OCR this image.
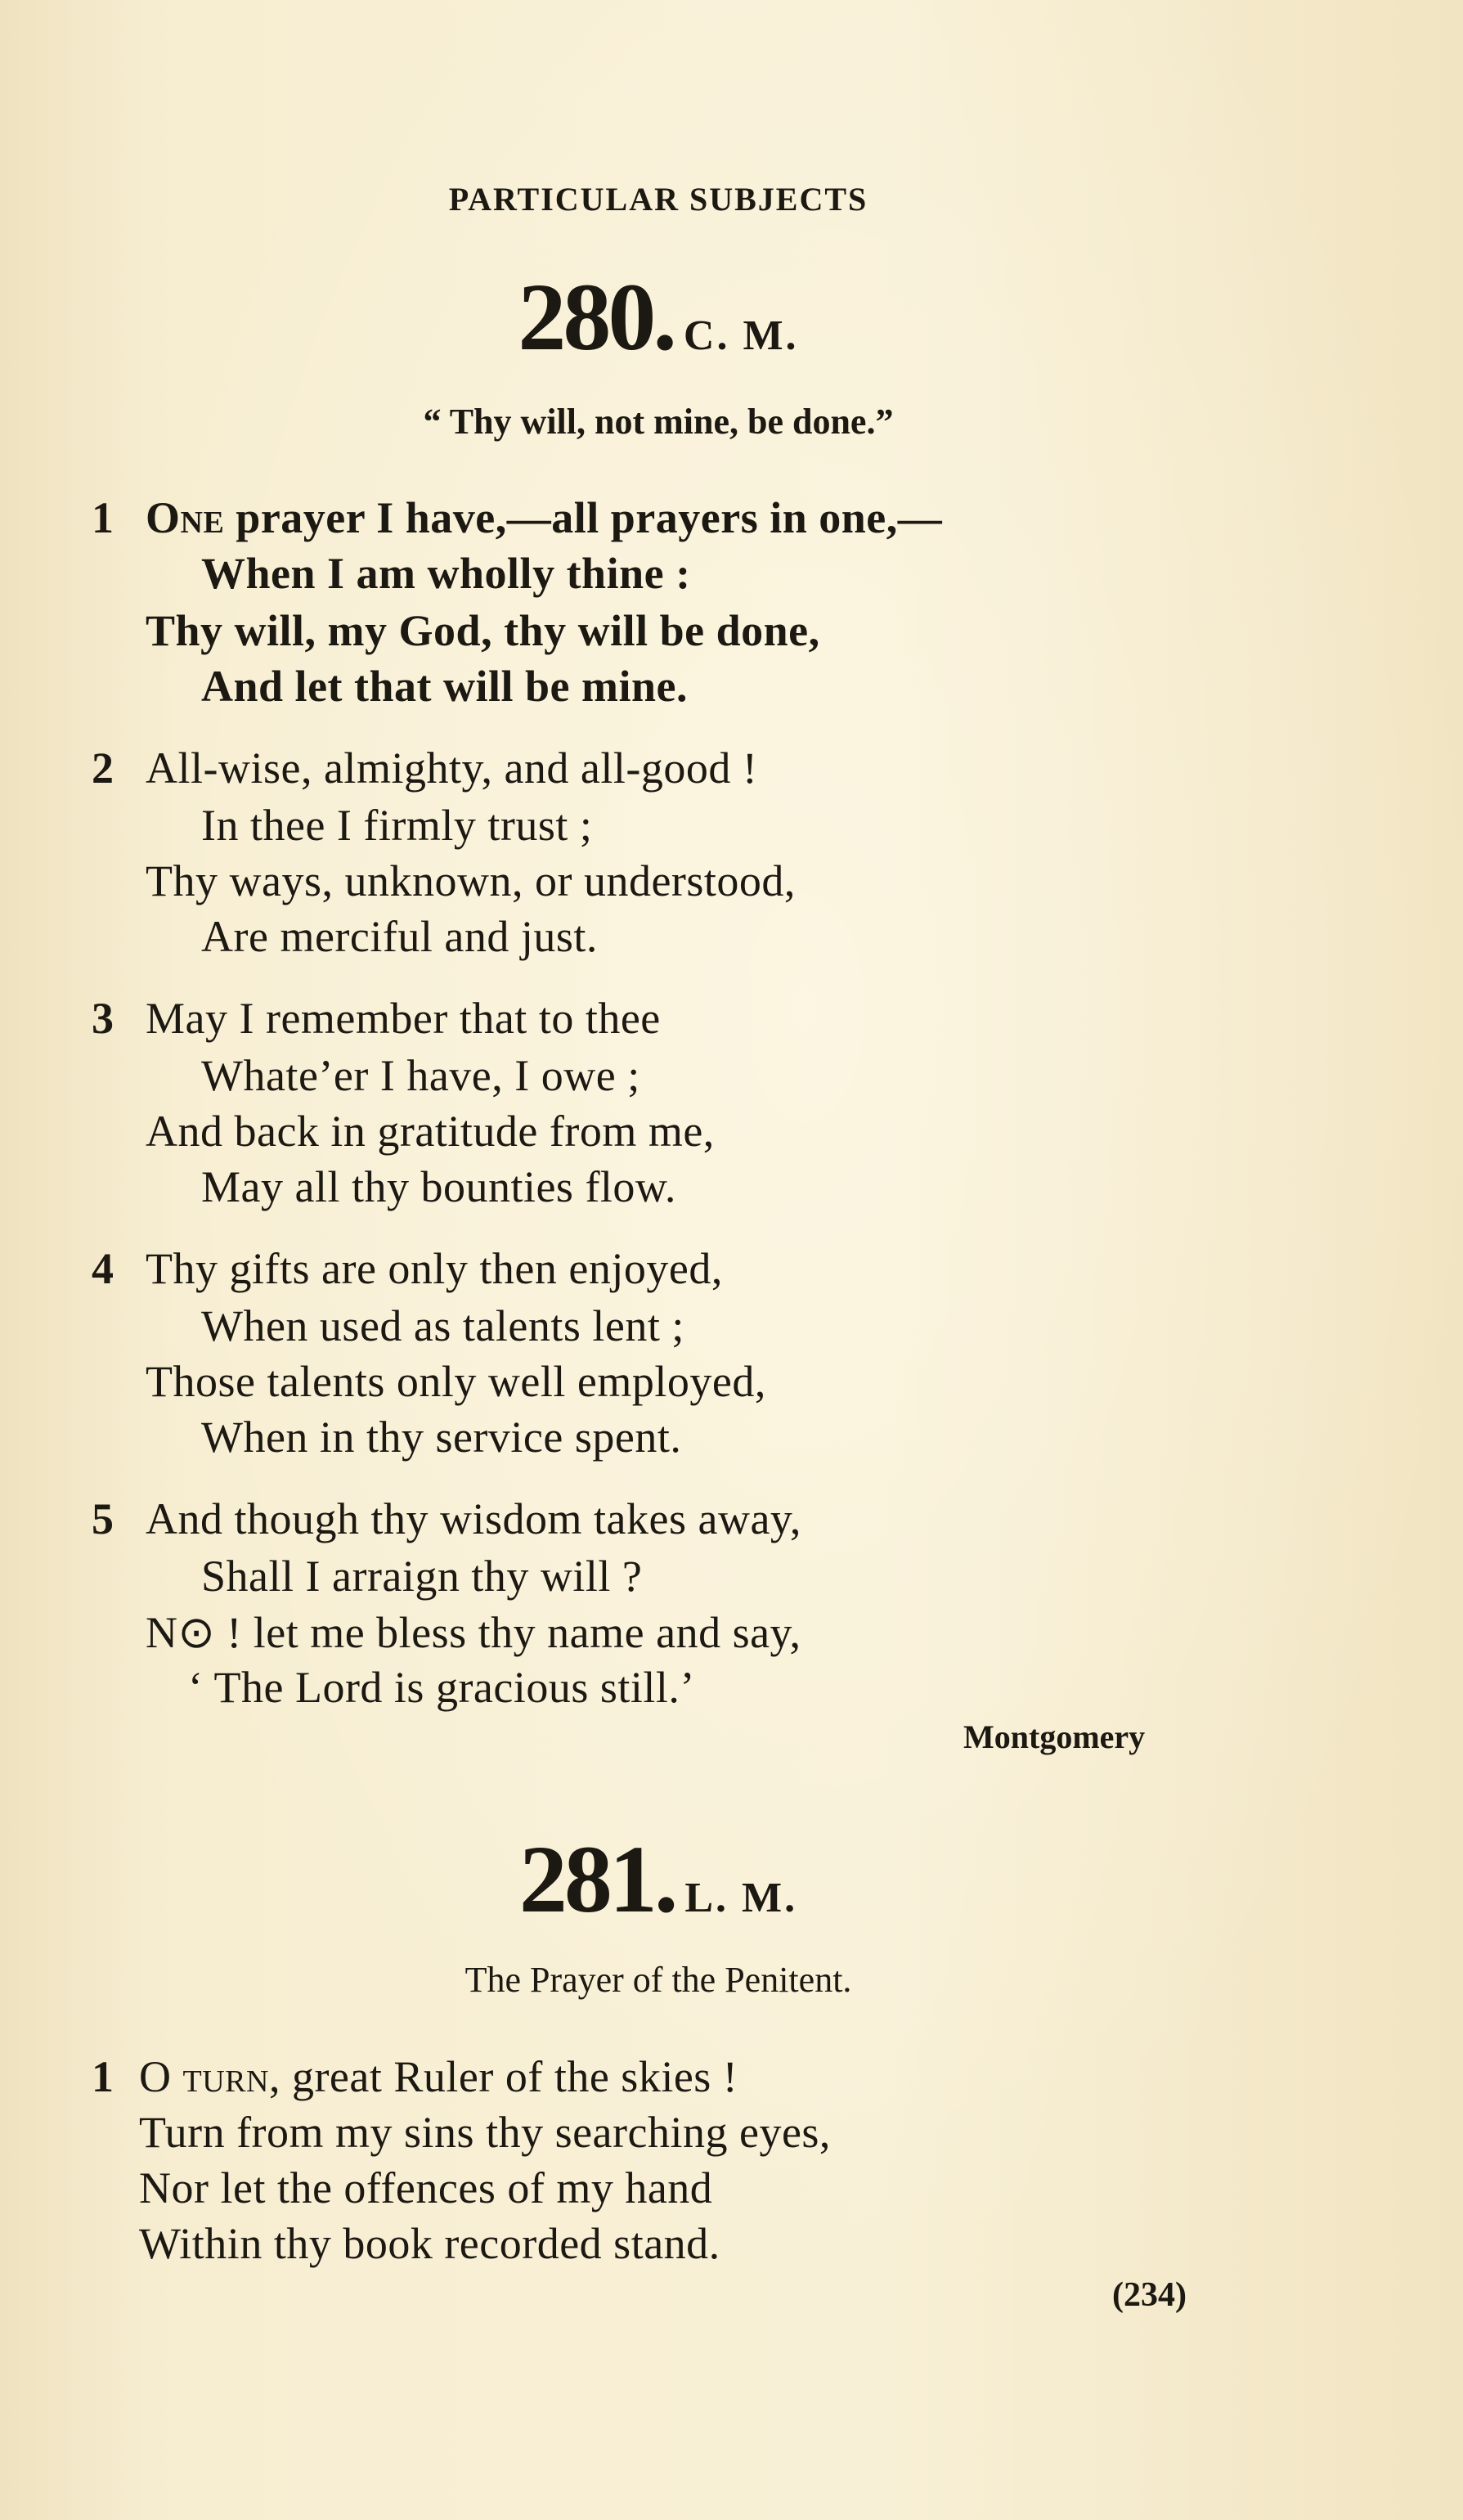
PARTICULAR SUBJECTS
280. C. M.
“ Thy will, not mine, be done.”
1 One prayer I have,—all prayers in one,—
When I am wholly thine :
Thy will, my God, thy will be done,
And let that will be mine.
2 All-wise, almighty, and all-good !
In thee I firmly trust ;
Thy ways, unknown, or understood,
Are merciful and just.
3 May I remember that to thee
Whate’er I have, I owe ;
And back in gratitude from me,
May all thy bounties flow.
4 Thy gifts are only then enjoyed,
When used as talents lent ;
Those talents only well employed,
When in thy service spent.
5 And though thy wisdom takes away,
Shall I arraign thy will ?
N⊙ ! let me bless thy name and say,
‘ The Lord is gracious still.’
Montgomery
281. L. M.
The Prayer of the Penitent.
1 O turn, great Ruler of the skies !
Turn from my sins thy searching eyes,
Nor let the offences of my hand
Within thy book recorded stand.
(234)
